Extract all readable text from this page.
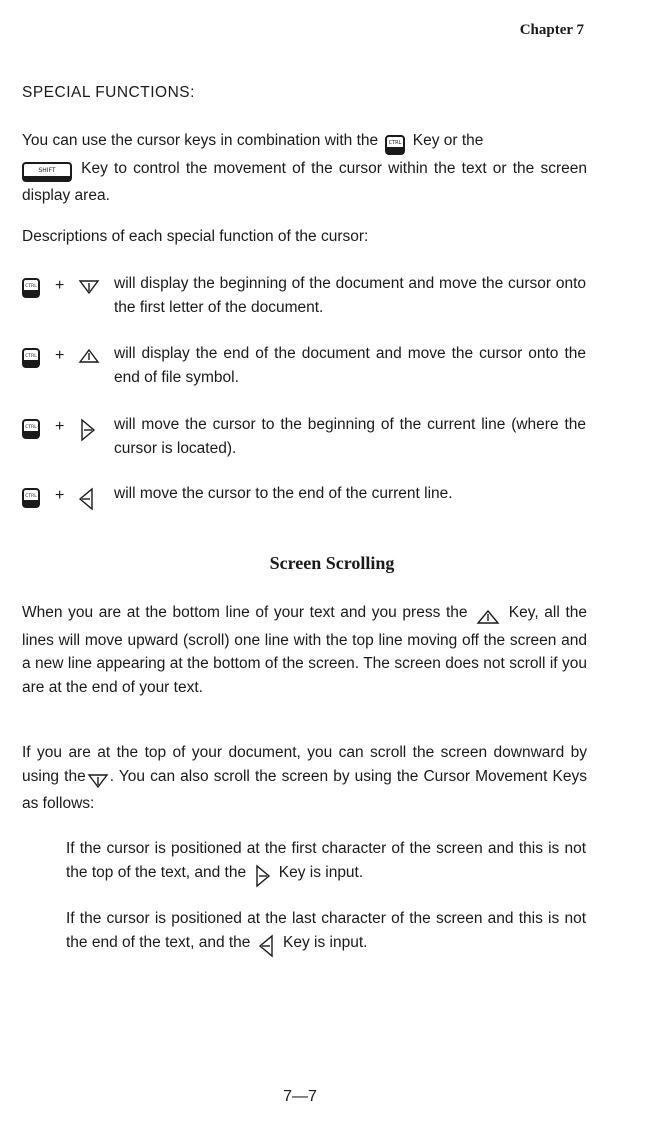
Chapter 7
SPECIAL FUNCTIONS:
You can use the cursor keys in combination with the CTRL Key or the

SHIFT Key to control the movement of the cursor within the text or the screen display area.
Descriptions of each special function of the cursor:
CTRL +	will display the beginning of the document and move the cursor onto the first letter of the document.
CTRL +	will display the end of the document and move the cursor onto the end of file symbol.
CTRL +	will move the cursor to the beginning of the current line (where the cursor is located).
CTRL +	will move the cursor to the end of the current line.
Screen Scrolling
When you are at the bottom line of your text and you press the	Key, all the lines will move upward (scroll) one line with the top line moving off the screen and a new line appearing at the bottom of the screen. The screen does not scroll if you are at the end of your text.
If you are at the top of your document, you can scroll the screen downward by using the . You can also scroll the screen by using the Cursor Movement Keys as follows:
If the cursor is positioned at the first character of the screen and this is not the top of the text, and the Key is input.
If the cursor is positioned at the last character of the screen and this is not the end of the text, and the Key is input.
7—7
